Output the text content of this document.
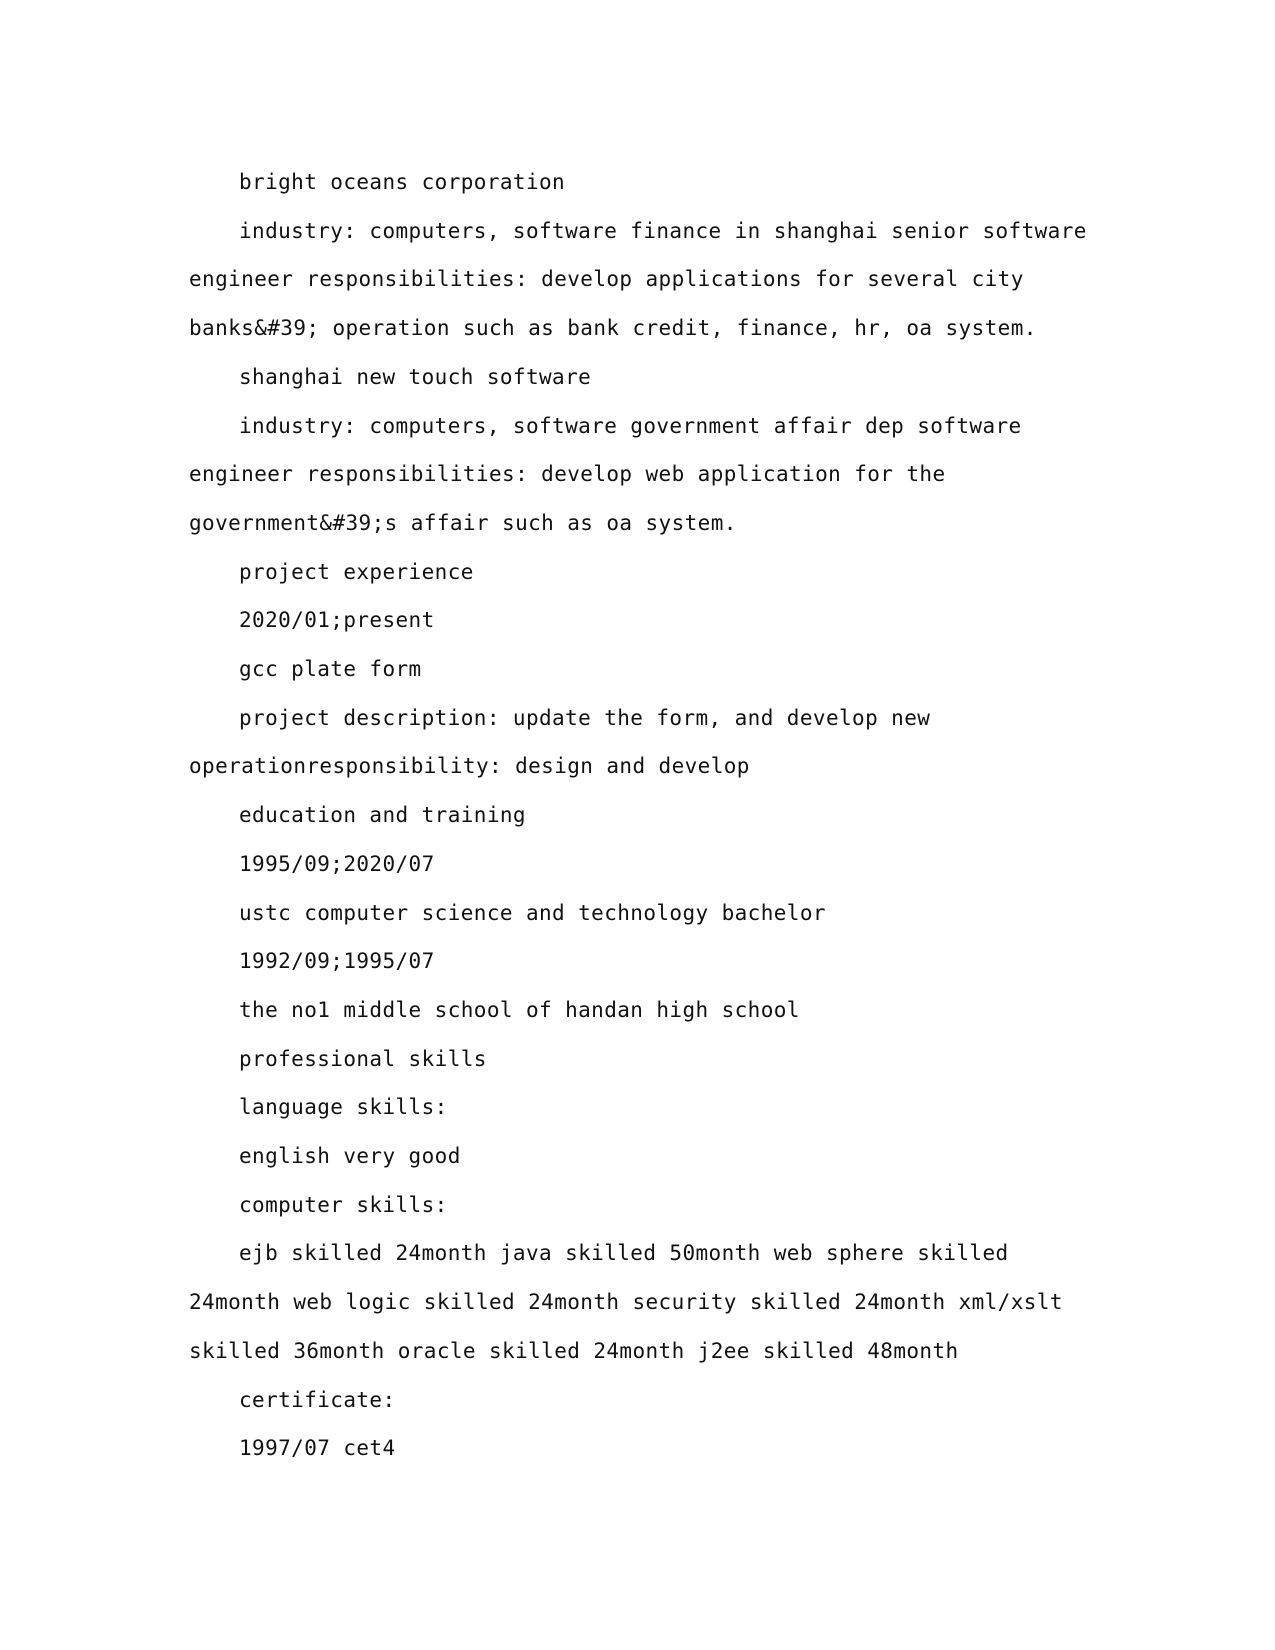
bright oceans corporation

industry: computers, software finance in shanghai senior software engineer responsibilities: develop applications for several city banks&#39; operation such as bank credit, finance, hr, oa system.

shanghai new touch software

industry: computers, software government affair dep software engineer responsibilities: develop web application for the government&#39;s affair such as oa system.

project experience

2020/01;present

gcc plate form

project description: update the form, and develop new operationresponsibility: design and develop

education and training

1995/09;2020/07

ustc computer science and technology bachelor

1992/09;1995/07

the no1 middle school of handan high school

professional skills

language skills:

english very good

computer skills:

ejb skilled 24month java skilled 50month web sphere skilled 24month web logic skilled 24month security skilled 24month xml/xslt skilled 36month oracle skilled 24month j2ee skilled 48month

certificate:

1997/07 cet4
